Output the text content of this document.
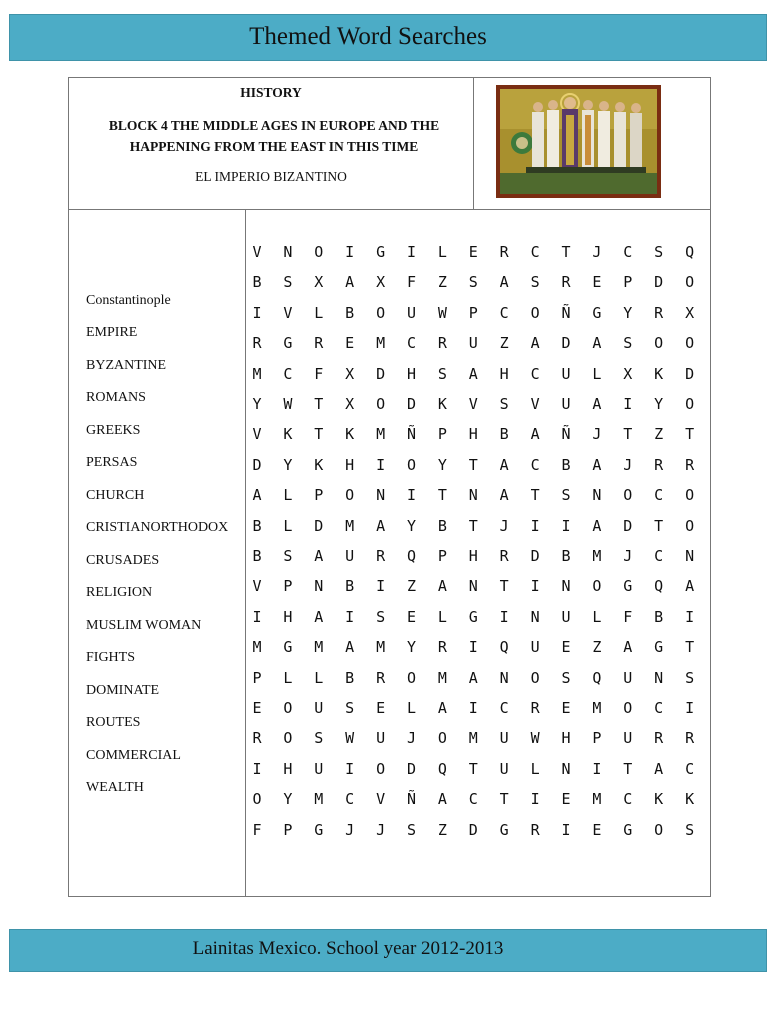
Themed Word Searches
HISTORY
BLOCK 4 THE MIDDLE AGES IN EUROPE AND THE HAPPENING FROM THE EAST IN THIS TIME
EL IMPERIO BIZANTINO
Constantinople
EMPIRE
BYZANTINE
ROMANS
GREEKS
PERSAS
CHURCH
CRISTIANORTHODOX
CRUSADES
RELIGION
MUSLIM WOMAN
FIGHTS
DOMINATE
ROUTES
COMMERCIAL
WEALTH
V	N	O	I	G	I	L	E	R	C	T	J	C	S	Q
B	S	X	A	X	F	Z	S	A	S	R	E	P	D	O
I	V	L	B	O	U	W	P	C	O	Ñ	G	Y	R	X
R	G	R	E	M	C	R	U	Z	A	D	A	S	O	O
M	C	F	X	D	H	S	A	H	C	U	L	X	K	D
Y	W	T	X	O	D	K	V	S	V	U	A	I	Y	O
V	K	T	K	M	Ñ	P	H	B	A	Ñ	J	T	Z	T
D	Y	K	H	I	O	Y	T	A	C	B	A	J	R	R
A	L	P	O	N	I	T	N	A	T	S	N	O	C	O
B	L	D	M	A	Y	B	T	J	I	I	A	D	T	O
B	S	A	U	R	Q	P	H	R	D	B	M	J	C	N
V	P	N	B	I	Z	A	N	T	I	N	O	G	Q	A
I	H	A	I	S	E	L	G	I	N	U	L	F	B	I
M	G	M	A	M	Y	R	I	Q	U	E	Z	A	G	T
P	L	L	B	R	O	M	A	N	O	S	Q	U	N	S
E	O	U	S	E	L	A	I	C	R	E	M	O	C	I
R	O	S	W	U	J	O	M	U	W	H	P	U	R	R
I	H	U	I	O	D	Q	T	U	L	N	I	T	A	C
O	Y	M	C	V	Ñ	A	C	T	I	E	M	C	K	K
F	P	G	J	J	S	Z	D	G	R	I	E	G	O	S
Lainitas Mexico. School year 2012-2013
